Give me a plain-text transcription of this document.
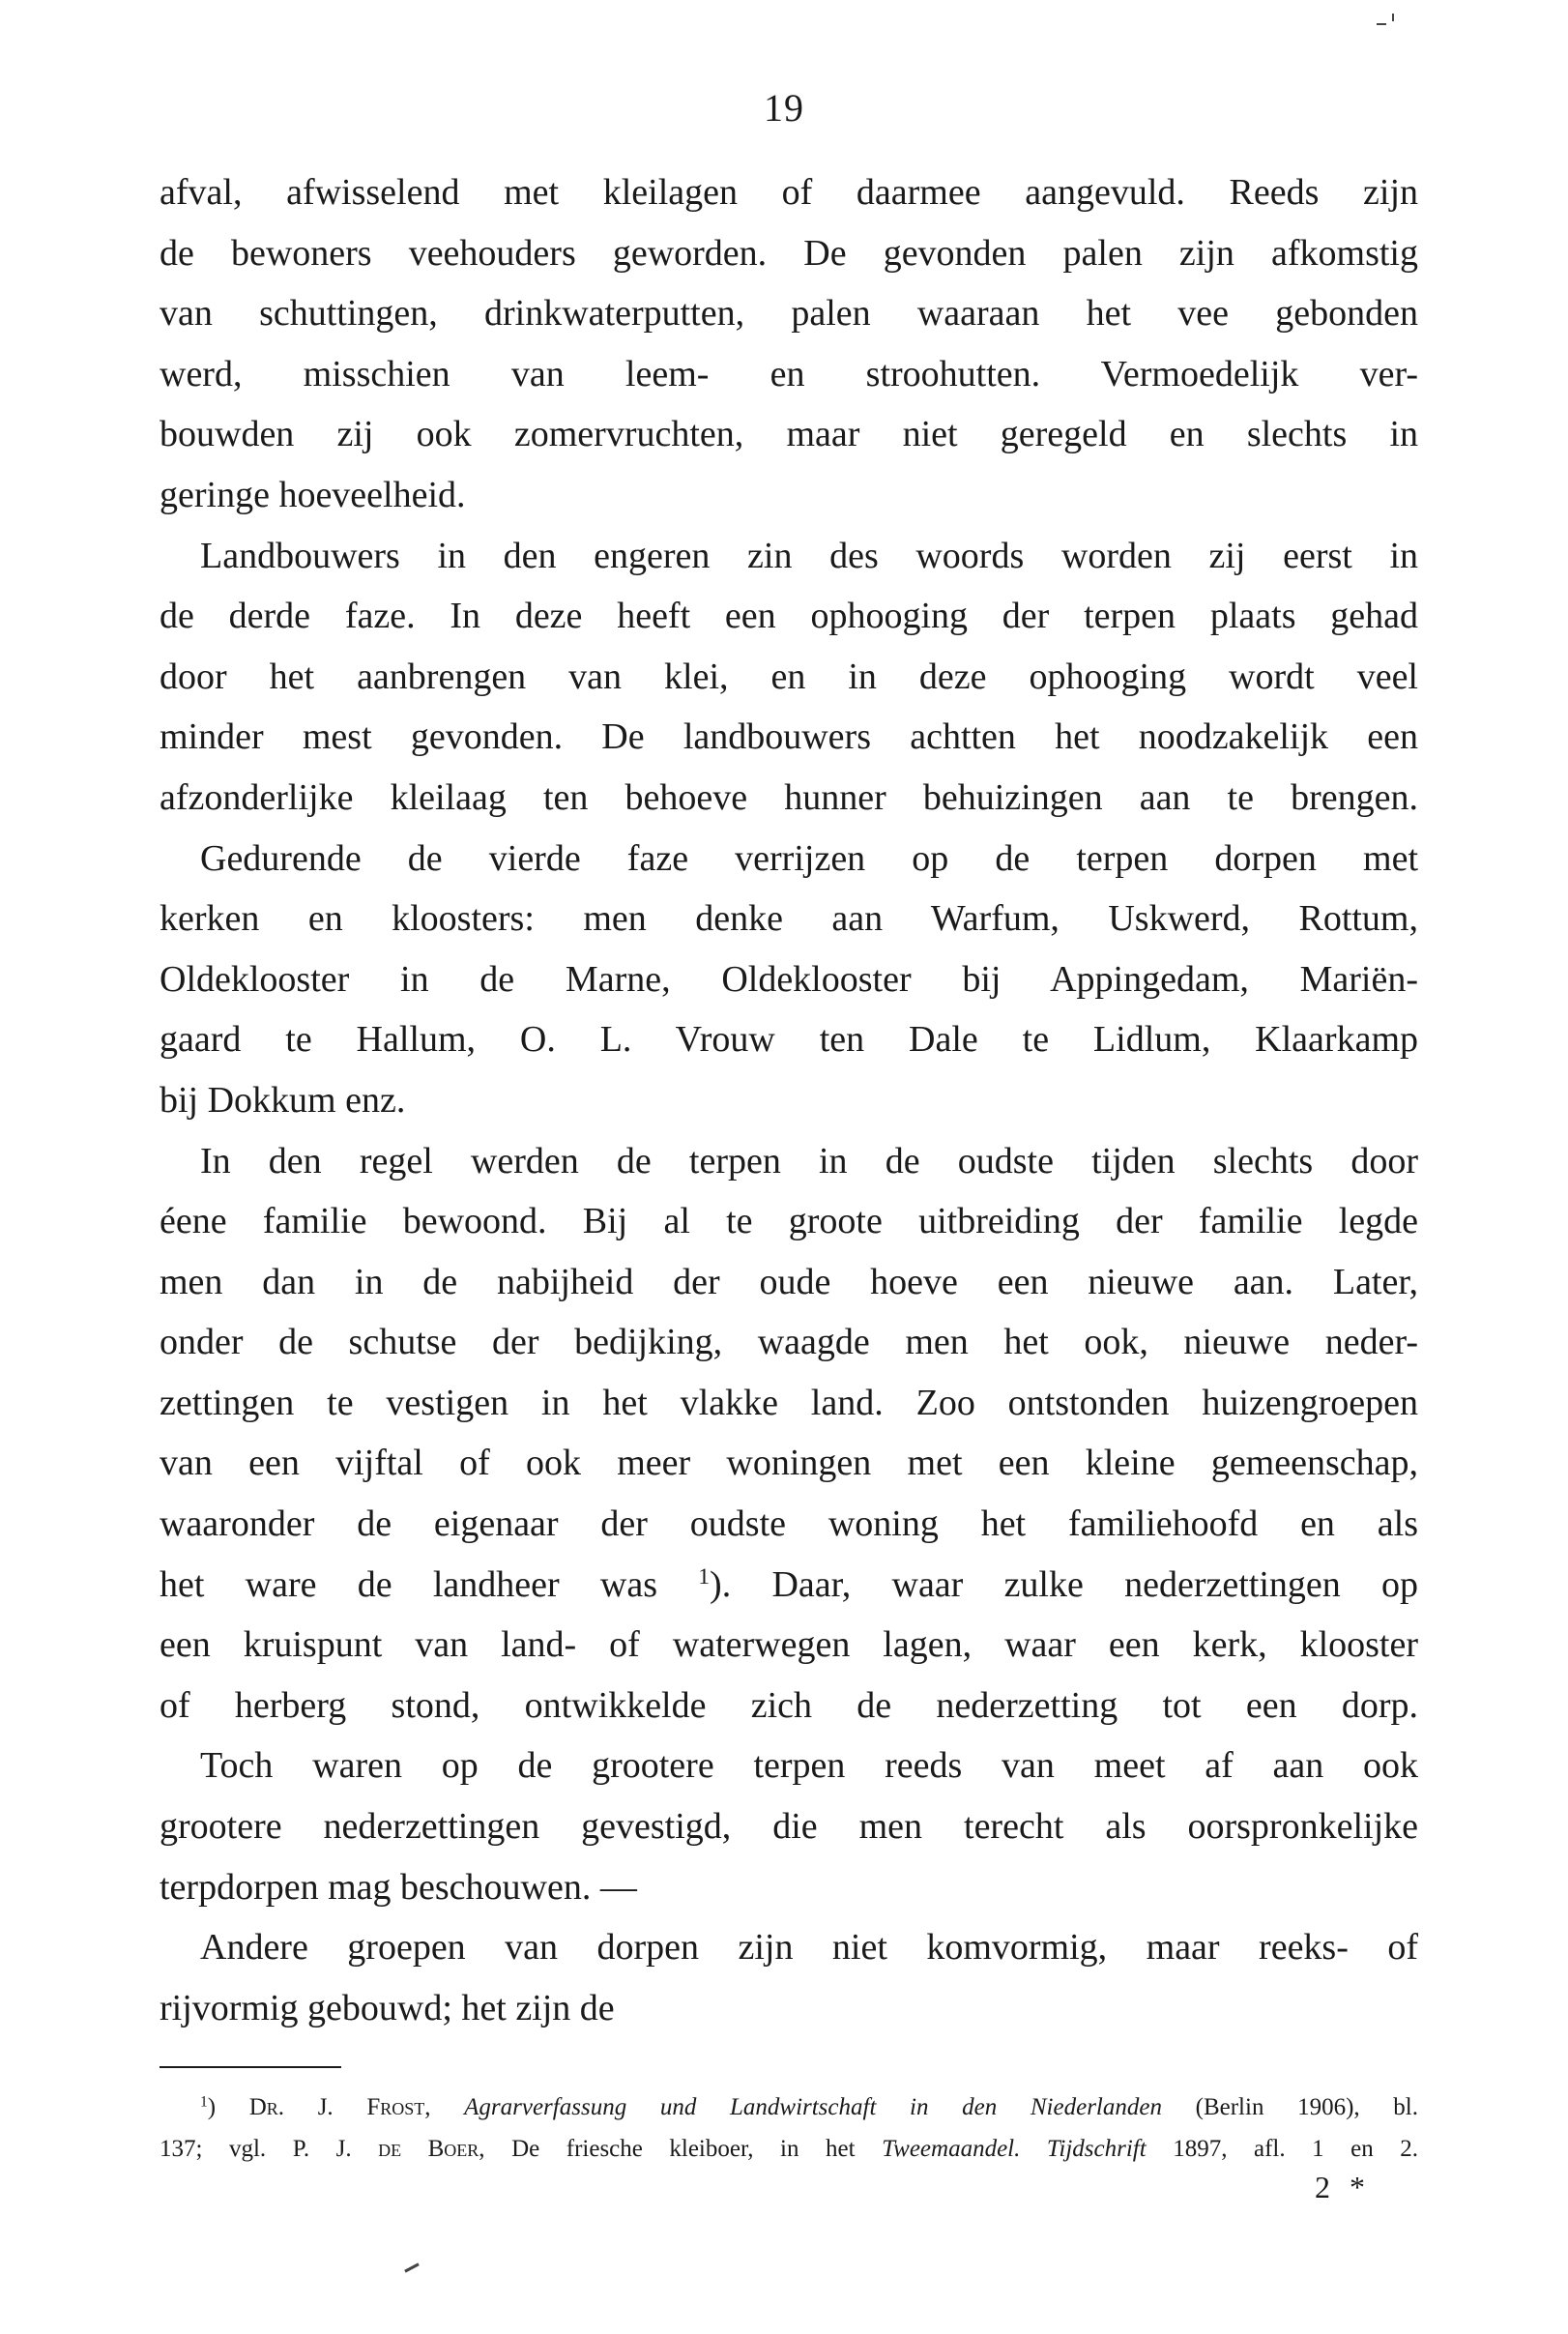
19
afval, afwisselend met kleilagen of daarmee aangevuld. Reeds zijn
de bewoners veehouders geworden. De gevonden palen zijn afkomstig
van schuttingen, drinkwaterputten, palen waaraan het vee gebonden
werd, misschien van leem- en stroohutten. Vermoedelijk ver-
bouwden zij ook zomervruchten, maar niet geregeld en slechts in
geringe hoeveelheid.
Landbouwers in den engeren zin des woords worden zij eerst in
de derde faze. In deze heeft een ophooging der terpen plaats gehad
door het aanbrengen van klei, en in deze ophooging wordt veel
minder mest gevonden. De landbouwers achtten het noodzakelijk een
afzonderlijke kleilaag ten behoeve hunner behuizingen aan te brengen.
Gedurende de vierde faze verrijzen op de terpen dorpen met
kerken en kloosters: men denke aan Warfum, Uskwerd, Rottum,
Oldeklooster in de Marne, Oldeklooster bij Appingedam, Mariën-
gaard te Hallum, O. L. Vrouw ten Dale te Lidlum, Klaarkamp
bij Dokkum enz.
In den regel werden de terpen in de oudste tijden slechts door
éene familie bewoond. Bij al te groote uitbreiding der familie legde
men dan in de nabijheid der oude hoeve een nieuwe aan. Later,
onder de schutse der bedijking, waagde men het ook, nieuwe neder-
zettingen te vestigen in het vlakke land. Zoo ontstonden huizengroepen
van een vijftal of ook meer woningen met een kleine gemeenschap,
waaronder de eigenaar der oudste woning het familiehoofd en als
het ware de landheer was $^1$). Daar, waar zulke nederzettingen op
een kruispunt van land- of waterwegen lagen, waar een kerk, klooster
of herberg stond, ontwikkelde zich de nederzetting tot een dorp.
Toch waren op de grootere terpen reeds van meet af aan ook
grootere nederzettingen gevestigd, die men terecht als oorspronkelijke
terpdorpen mag beschouwen. —
Andere groepen van dorpen zijn niet komvormig, maar reeks- of
rijvormig gebouwd; het zijn de
$^1$) Dr. J. Frost, Agrarverfassung und Landwirtschaft in den Niederlanden (Berlin 1906), bl.
137; vgl. P. J. de Boer, De friesche kleiboer, in het Tweemaandel. Tijdschrift 1897, afl. 1 en 2.
2 *
